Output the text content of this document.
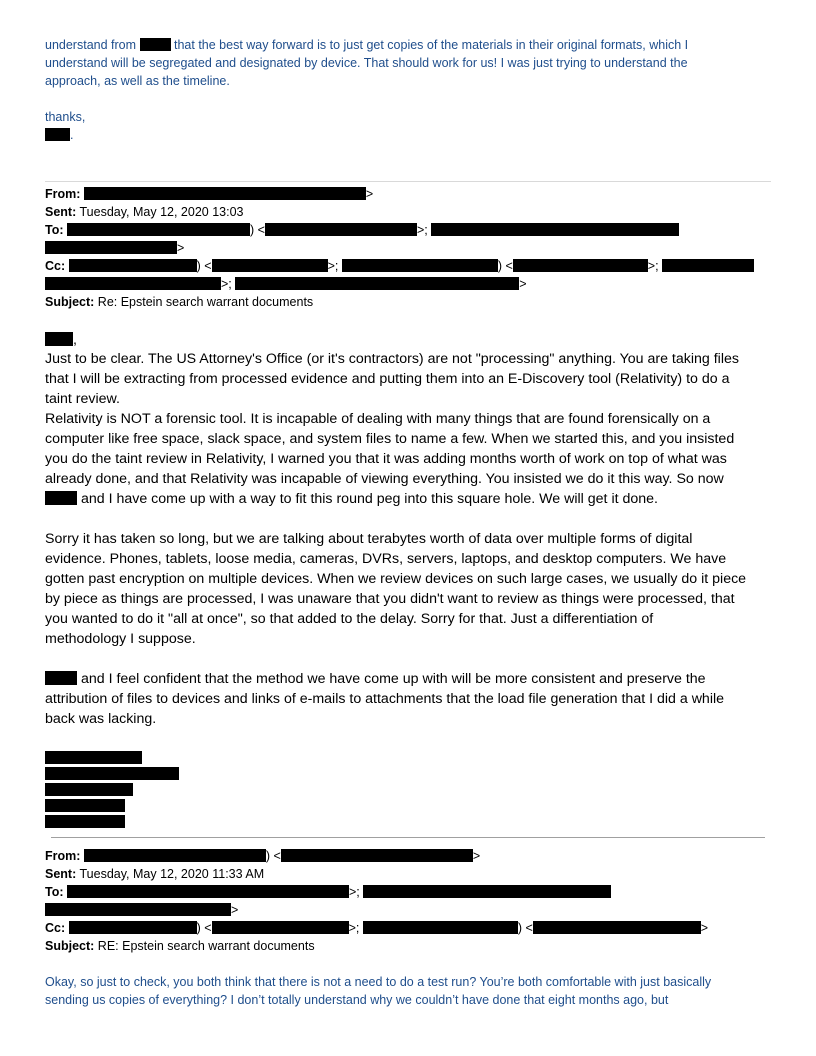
understand from	that the best way forward is to just get copies of the materials in their original formats, which I
understand will be segregated and designated by device. That should work for us! I was just trying to understand the
approach, as well as the timeline.
thanks,
.
From:	>
Sent: Tuesday, May 12, 2020 13:03
To:	) <	>;
>
Cc:	) <	>;	) <	>;
>;	>
Subject: Re: Epstein search warrant documents
,
Just to be clear. The US Attorney's Office (or it's contractors) are not "processing" anything. You are taking files
that I will be extracting from processed evidence and putting them into an E-Discovery tool (Relativity) to do a
taint review.
Relativity is NOT a forensic tool. It is incapable of dealing with many things that are found forensically on a
computer like free space, slack space, and system files to name a few. When we started this, and you insisted
you do the taint review in Relativity, I warned you that it was adding months worth of work on top of what was
already done, and that Relativity was incapable of viewing everything. You insisted we do it this way. So now
and I have come up with a way to fit this round peg into this square hole. We will get it done.
Sorry it has taken so long, but we are talking about terabytes worth of data over multiple forms of digital
evidence. Phones, tablets, loose media, cameras, DVRs, servers, laptops, and desktop computers. We have
gotten past encryption on multiple devices. When we review devices on such large cases, we usually do it piece
by piece as things are processed, I was unaware that you didn't want to review as things were processed, that
you wanted to do it "all at once", so that added to the delay. Sorry for that. Just a differentiation of
methodology I suppose.
and I feel confident that the method we have come up with will be more consistent and preserve the
attribution of files to devices and links of e-mails to attachments that the load file generation that I did a while
back was lacking.
From:	) <	>
Sent: Tuesday, May 12, 2020 11:33 AM
To:	>;
>
Cc:	) <	>;	) <	>
Subject: RE: Epstein search warrant documents
Okay, so just to check, you both think that there is not a need to do a test run? You’re both comfortable with just basically
sending us copies of everything? I don’t totally understand why we couldn’t have done that eight months ago, but
